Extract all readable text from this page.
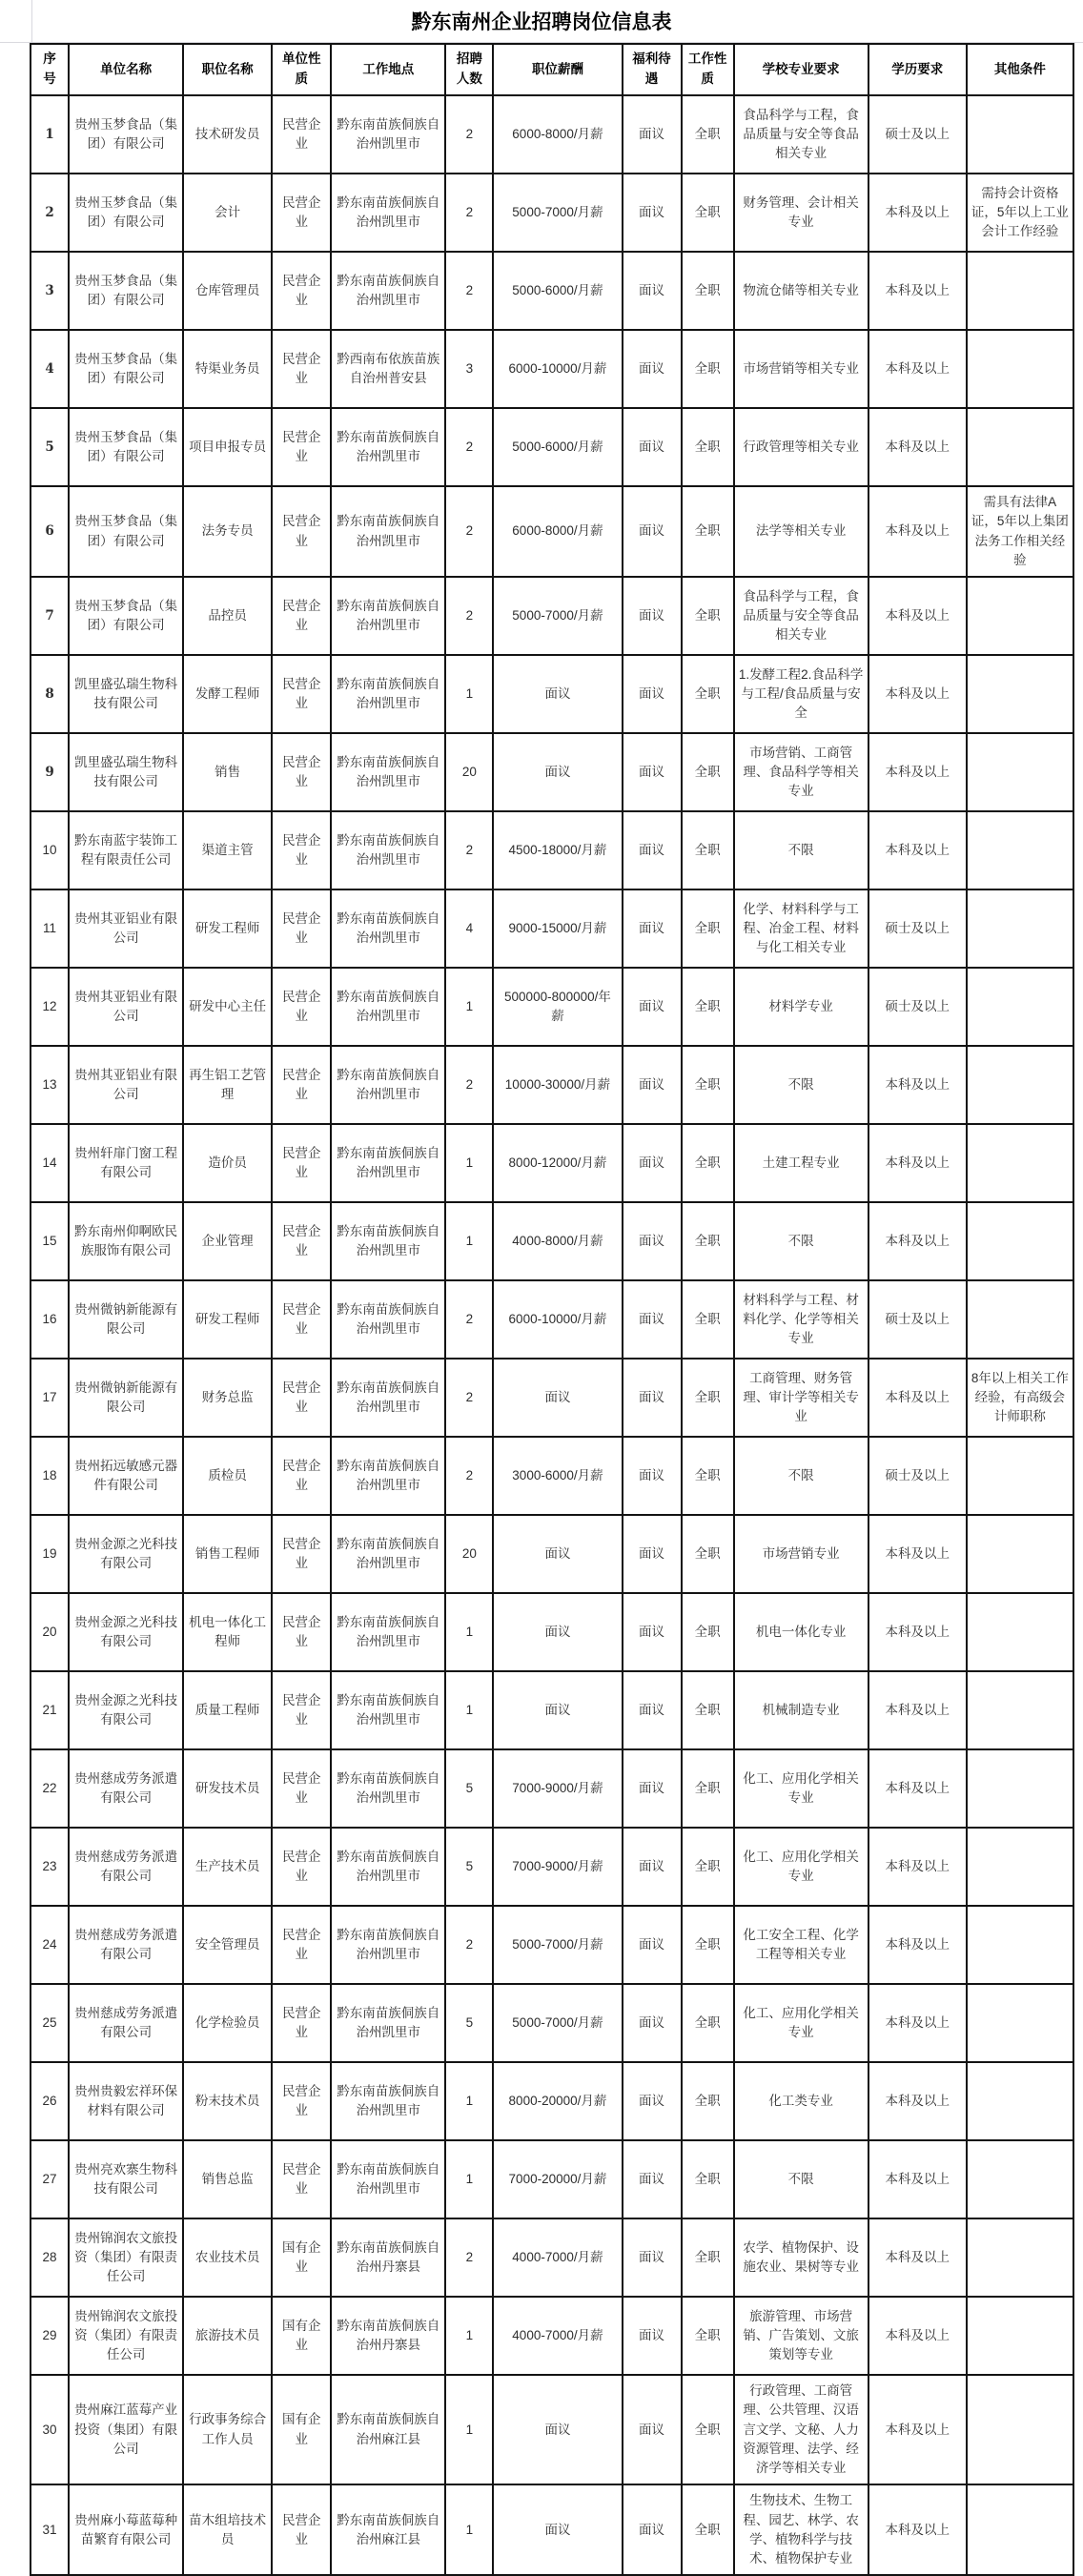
黔东南州企业招聘岗位信息表
序号	单位名称	职位名称	单位性质	工作地点	招聘人数	职位薪酬	福利待遇	工作性质	学校专业要求	学历要求	其他条件
1	贵州玉梦食品（集团）有限公司	技术研发员	民营企业	黔东南苗族侗族自治州凯里市	2	6000-8000/月薪	面议	全职	食品科学与工程，食品质量与安全等食品相关专业	硕士及以上	
2	贵州玉梦食品（集团）有限公司	会计	民营企业	黔东南苗族侗族自治州凯里市	2	5000-7000/月薪	面议	全职	财务管理、会计相关专业	本科及以上	需持会计资格证，5年以上工业会计工作经验
3	贵州玉梦食品（集团）有限公司	仓库管理员	民营企业	黔东南苗族侗族自治州凯里市	2	5000-6000/月薪	面议	全职	物流仓储等相关专业	本科及以上	
4	贵州玉梦食品（集团）有限公司	特渠业务员	民营企业	黔西南布依族苗族自治州普安县	3	6000-10000/月薪	面议	全职	市场营销等相关专业	本科及以上	
5	贵州玉梦食品（集团）有限公司	项目申报专员	民营企业	黔东南苗族侗族自治州凯里市	2	5000-6000/月薪	面议	全职	行政管理等相关专业	本科及以上	
6	贵州玉梦食品（集团）有限公司	法务专员	民营企业	黔东南苗族侗族自治州凯里市	2	6000-8000/月薪	面议	全职	法学等相关专业	本科及以上	需具有法律A证，5年以上集团法务工作相关经验
7	贵州玉梦食品（集团）有限公司	品控员	民营企业	黔东南苗族侗族自治州凯里市	2	5000-7000/月薪	面议	全职	食品科学与工程，食品质量与安全等食品相关专业	本科及以上	
8	凯里盛弘瑞生物科技有限公司	发酵工程师	民营企业	黔东南苗族侗族自治州凯里市	1	面议	面议	全职	1.发酵工程2.食品科学与工程/食品质量与安全	本科及以上	
9	凯里盛弘瑞生物科技有限公司	销售	民营企业	黔东南苗族侗族自治州凯里市	20	面议	面议	全职	市场营销、工商管理、食品科学等相关专业	本科及以上	
10	黔东南蓝宇装饰工程有限责任公司	渠道主管	民营企业	黔东南苗族侗族自治州凯里市	2	4500-18000/月薪	面议	全职	不限	本科及以上	
11	贵州其亚铝业有限公司	研发工程师	民营企业	黔东南苗族侗族自治州凯里市	4	9000-15000/月薪	面议	全职	化学、材料科学与工程、冶金工程、材料与化工相关专业	硕士及以上	
12	贵州其亚铝业有限公司	研发中心主任	民营企业	黔东南苗族侗族自治州凯里市	1	500000-800000/年薪	面议	全职	材料学专业	硕士及以上	
13	贵州其亚铝业有限公司	再生铝工艺管理	民营企业	黔东南苗族侗族自治州凯里市	2	10000-30000/月薪	面议	全职	不限	本科及以上	
14	贵州轩扉门窗工程有限公司	造价员	民营企业	黔东南苗族侗族自治州凯里市	1	8000-12000/月薪	面议	全职	土建工程专业	本科及以上	
15	黔东南州仰啊欧民族服饰有限公司	企业管理	民营企业	黔东南苗族侗族自治州凯里市	1	4000-8000/月薪	面议	全职	不限	本科及以上	
16	贵州微钠新能源有限公司	研发工程师	民营企业	黔东南苗族侗族自治州凯里市	2	6000-10000/月薪	面议	全职	材料科学与工程、材料化学、化学等相关专业	硕士及以上	
17	贵州微钠新能源有限公司	财务总监	民营企业	黔东南苗族侗族自治州凯里市	2	面议	面议	全职	工商管理、财务管理、审计学等相关专业	本科及以上	8年以上相关工作经验，有高级会计师职称
18	贵州拓远敏感元器件有限公司	质检员	民营企业	黔东南苗族侗族自治州凯里市	2	3000-6000/月薪	面议	全职	不限	硕士及以上	
19	贵州金源之光科技有限公司	销售工程师	民营企业	黔东南苗族侗族自治州凯里市	20	面议	面议	全职	市场营销专业	本科及以上	
20	贵州金源之光科技有限公司	机电一体化工程师	民营企业	黔东南苗族侗族自治州凯里市	1	面议	面议	全职	机电一体化专业	本科及以上	
21	贵州金源之光科技有限公司	质量工程师	民营企业	黔东南苗族侗族自治州凯里市	1	面议	面议	全职	机械制造专业	本科及以上	
22	贵州慈成劳务派遣有限公司	研发技术员	民营企业	黔东南苗族侗族自治州凯里市	5	7000-9000/月薪	面议	全职	化工、应用化学相关专业	本科及以上	
23	贵州慈成劳务派遣有限公司	生产技术员	民营企业	黔东南苗族侗族自治州凯里市	5	7000-9000/月薪	面议	全职	化工、应用化学相关专业	本科及以上	
24	贵州慈成劳务派遣有限公司	安全管理员	民营企业	黔东南苗族侗族自治州凯里市	2	5000-7000/月薪	面议	全职	化工安全工程、化学工程等相关专业	本科及以上	
25	贵州慈成劳务派遣有限公司	化学检验员	民营企业	黔东南苗族侗族自治州凯里市	5	5000-7000/月薪	面议	全职	化工、应用化学相关专业	本科及以上	
26	贵州贵毅宏祥环保材料有限公司	粉末技术员	民营企业	黔东南苗族侗族自治州凯里市	1	8000-20000/月薪	面议	全职	化工类专业	本科及以上	
27	贵州亮欢寨生物科技有限公司	销售总监	民营企业	黔东南苗族侗族自治州凯里市	1	7000-20000/月薪	面议	全职	不限	本科及以上	
28	贵州锦润农文旅投资（集团）有限责任公司	农业技术员	国有企业	黔东南苗族侗族自治州丹寨县	2	4000-7000/月薪	面议	全职	农学、植物保护、设施农业、果树等专业	本科及以上	
29	贵州锦润农文旅投资（集团）有限责任公司	旅游技术员	国有企业	黔东南苗族侗族自治州丹寨县	1	4000-7000/月薪	面议	全职	旅游管理、市场营销、广告策划、文旅策划等专业	本科及以上	
30	贵州麻江蓝莓产业投资（集团）有限公司	行政事务综合工作人员	国有企业	黔东南苗族侗族自治州麻江县	1	面议	面议	全职	行政管理、工商管理、公共管理、汉语言文学、文秘、人力资源管理、法学、经济学等相关专业	本科及以上	
31	贵州麻小莓蓝莓种苗繁育有限公司	苗木组培技术员	民营企业	黔东南苗族侗族自治州麻江县	1	面议	面议	全职	生物技术、生物工程、园艺、林学、农学、植物科学与技术、植物保护专业	本科及以上	
